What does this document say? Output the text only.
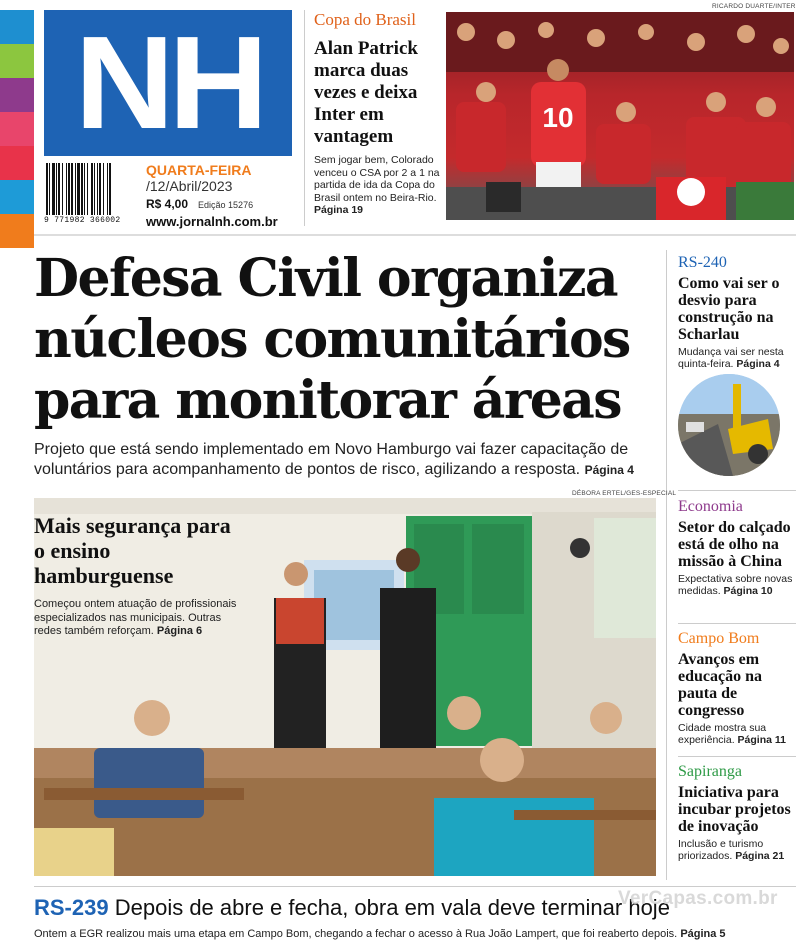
NH
9 771982 366002
QUARTA-FEIRA
/12/Abril/2023
R$ 4,00 Edição 15276
www.jornalnh.com.br
Copa do Brasil
Alan Patrick marca duas vezes e deixa Inter em vantagem
Sem jogar bem, Colorado venceu o CSA por 2 a 1 na partida de ida da Copa do Brasil ontem no Beira-Rio. Página 19
RICARDO DUARTE/INTER
10
Defesa Civil organiza
núcleos comunitários
para monitorar áreas
Projeto que está sendo implementado em Novo Hamburgo vai fazer capacitação de voluntários para acompanhamento de pontos de risco, agilizando a resposta. Página 4
RS-240
Como vai ser o desvio para construção na Scharlau
Mudança vai ser nesta quinta-feira. Página 4
Economia
Setor do calçado está de olho na missão à China
Expectativa sobre novas medidas. Página 10
Campo Bom
Avanços em educação na pauta de congresso
Cidade mostra sua experiência. Página 11
Sapiranga
Iniciativa para incubar projetos de inovação
Inclusão e turismo priorizados. Página 21
DÉBORA ERTEL/GES-ESPECIAL
Mais segurança para o ensino hamburguense
Começou ontem atuação de profissionais especializados nas municipais. Outras redes também reforçam. Página 6
RS-239 Depois de abre e fecha, obra em vala deve terminar hoje
Ontem a EGR realizou mais uma etapa em Campo Bom, chegando a fechar o acesso à Rua João Lampert, que foi reaberto depois. Página 5
VerCapas.com.br
